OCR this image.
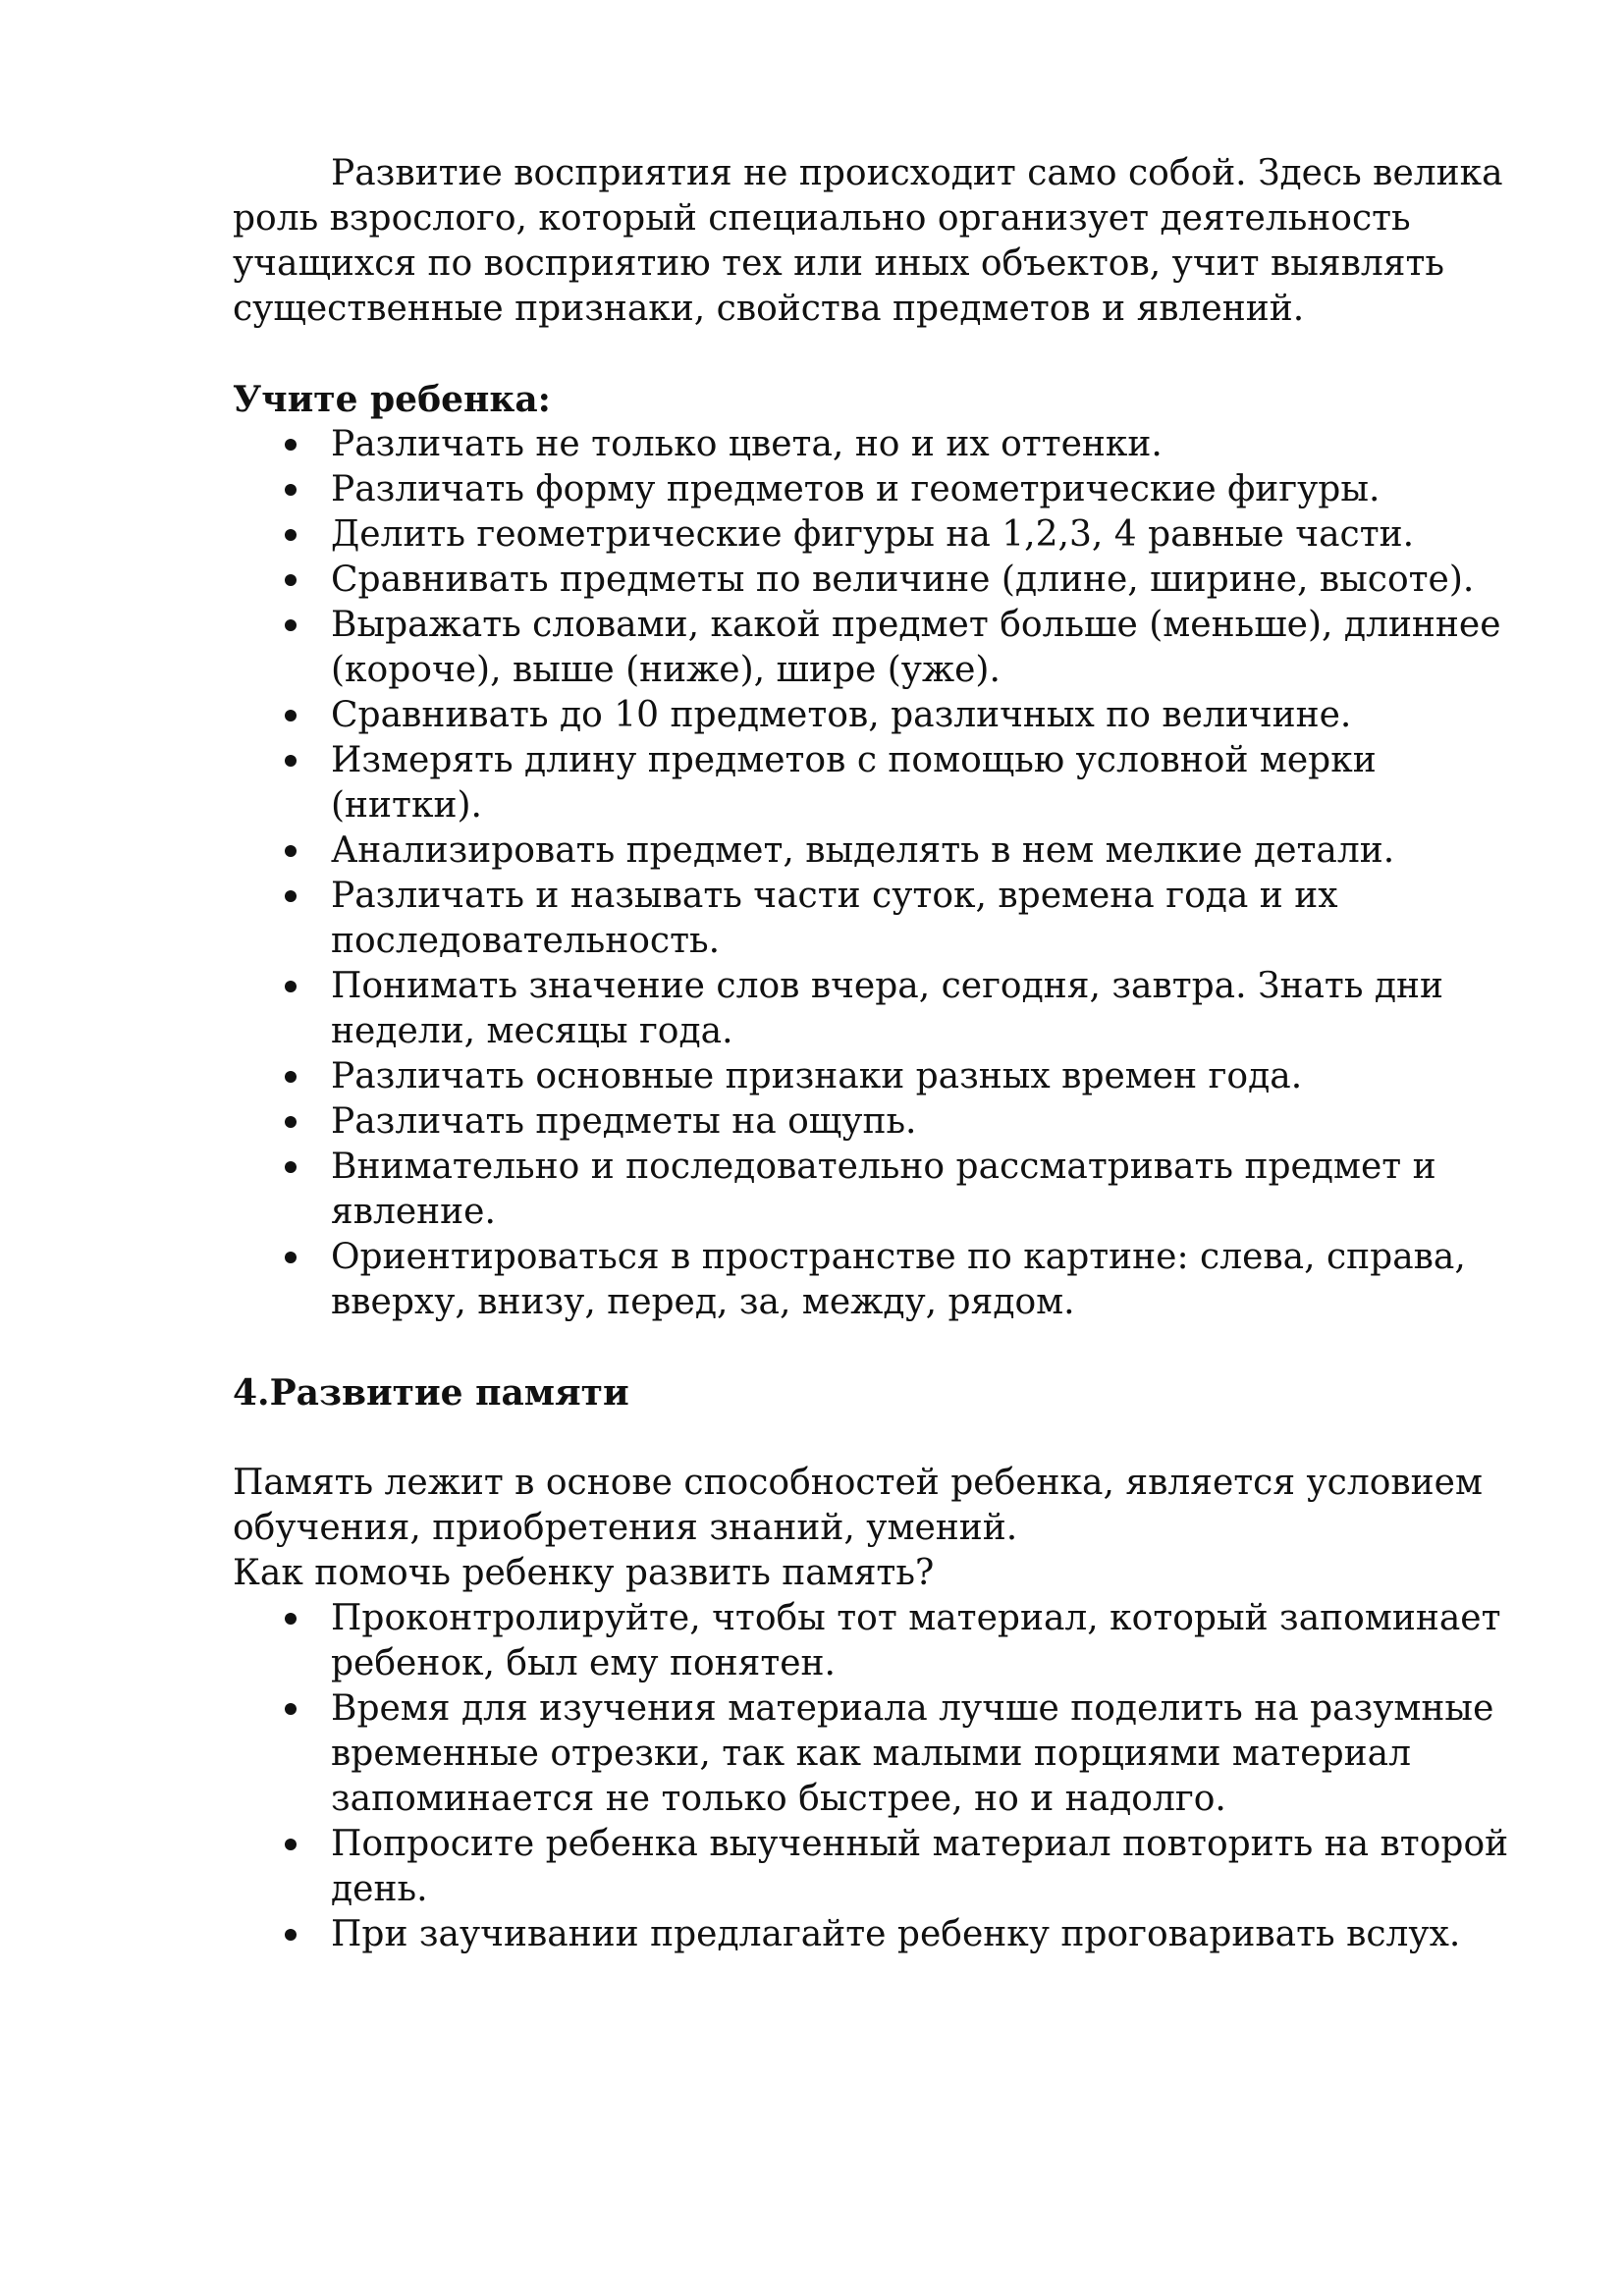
Развитие восприятия не происходит само собой. Здесь велика роль взрослого, который специально организует деятельность учащихся по восприятию тех или иных объектов, учит выявлять существенные признаки, свойства предметов и явлений.

Учите ребенка:

Различать не только цвета, но и их оттенки.
Различать форму предметов и геометрические фигуры.
Делить геометрические фигуры на 1,2,3, 4 равные части.
Сравнивать предметы по величине (длине, ширине, высоте).
Выражать словами, какой предмет больше (меньше), длиннее (короче), выше (ниже), шире (уже).
Сравнивать до 10 предметов, различных по величине.
Измерять длину предметов с помощью условной мерки (нитки).
Анализировать предмет, выделять в нем мелкие детали.
Различать и называть части суток, времена года и их последовательность.
Понимать значение слов вчера, сегодня, завтра. Знать дни недели, месяцы года.
Различать основные признаки разных времен года.
Различать предметы на ощупь.
Внимательно и последовательно рассматривать предмет и явление.
Ориентироваться в пространстве по картине: слева, справа, вверху, внизу, перед, за, между, рядом.

4.Развитие памяти

Память лежит в основе способностей ребенка, является условием обучения, приобретения знаний, умений.
Как помочь ребенку развить память?

Проконтролируйте, чтобы тот материал, который запоминает ребенок, был ему понятен.
Время для изучения материала лучше поделить на разумные временные отрезки, так как малыми порциями материал запоминается не только быстрее, но и надолго.
Попросите ребенка выученный материал повторить на второй день.
При заучивании предлагайте ребенку проговаривать вслух.
